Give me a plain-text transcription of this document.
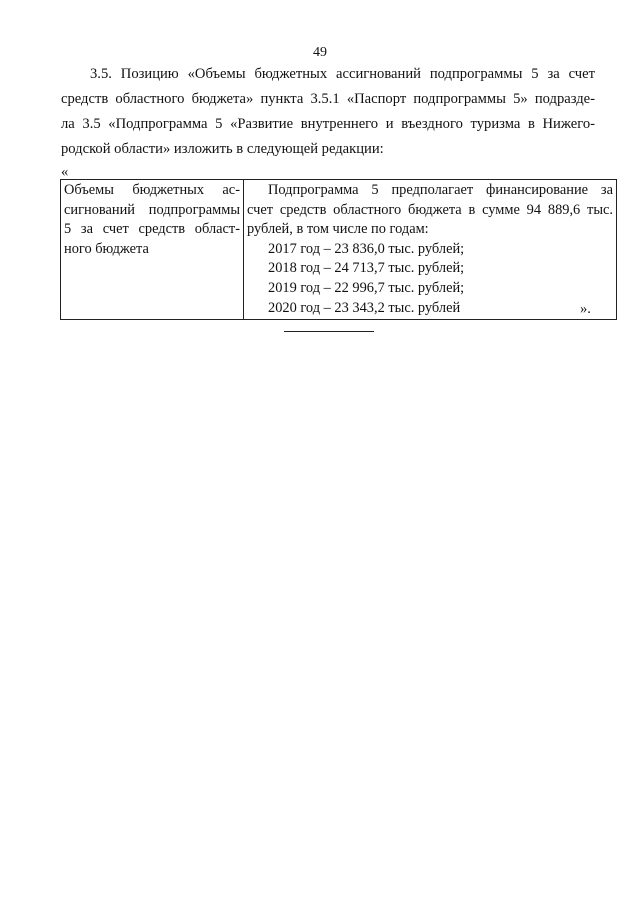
49
3.5. Позицию «Объемы бюджетных ассигнований подпрограммы 5 за счет
средств областного бюджета» пункта 3.5.1 «Паспорт подпрограммы 5» подразде-
ла 3.5 «Подпрограмма 5 «Развитие внутреннего и въездного туризма в Нижего-
родской области» изложить в следующей редакции:
«
Объемы бюджетных ас-
сигнований подпрограммы
5 за счет средств област-
ного бюджета

Подпрограмма 5 предполагает финансирование за
счет средств областного бюджета в сумме 94 889,6 тыс.
рублей, в том числе по годам:
2017 год – 23 836,0 тыс. рублей;
2018 год – 24 713,7 тыс. рублей;
2019 год – 22 996,7 тыс. рублей;
2020 год – 23 343,2 тыс. рублей	».
